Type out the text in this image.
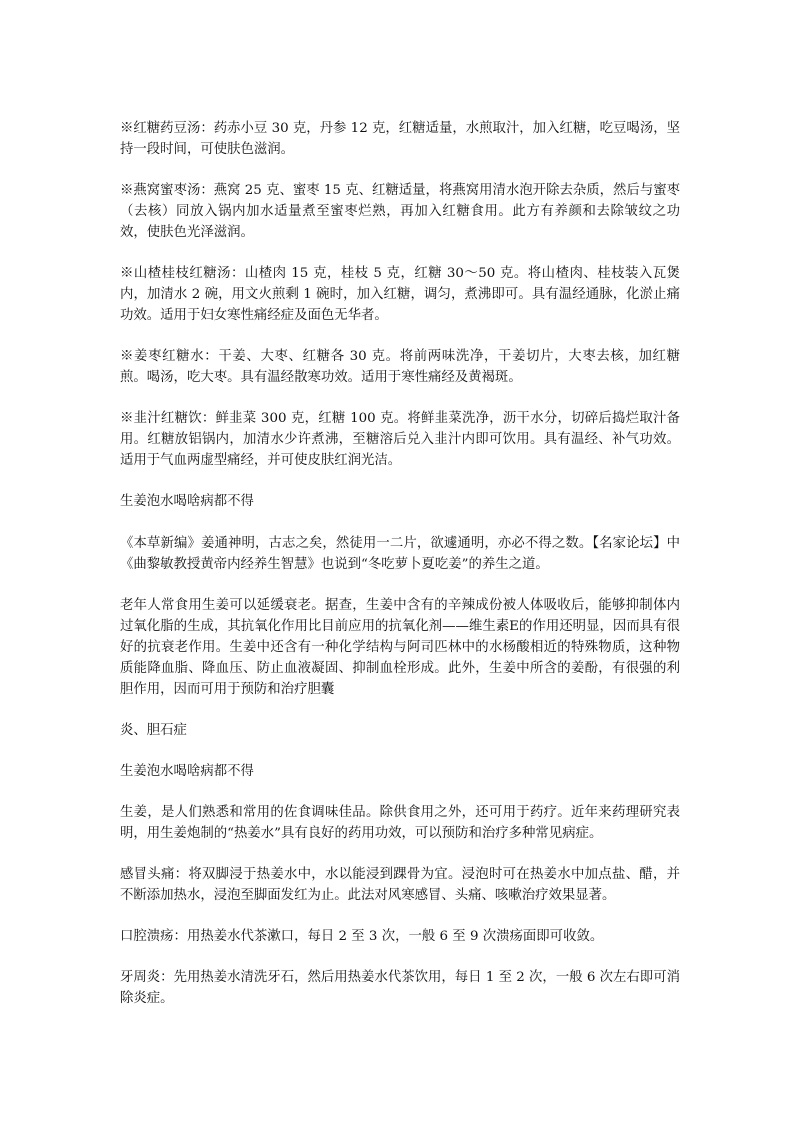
※红糖药豆汤：药赤小豆 30 克，丹参 12 克，红糖适量，水煎取汁，加入红糖，吃豆喝汤，坚持一段时间，可使肤色滋润。

※燕窝蜜枣汤：燕窝 25 克、蜜枣 15 克、红糖适量，将燕窝用清水泡开除去杂质，然后与蜜枣（去核）同放入锅内加水适量煮至蜜枣烂熟，再加入红糖食用。此方有养颜和去除皱纹之功效，使肤色光泽滋润。

※山楂桂枝红糖汤：山楂肉 15 克，桂枝 5 克，红糖 30～50 克。将山楂肉、桂枝装入瓦煲内，加清水 2 碗，用文火煎剩 1 碗时，加入红糖，调匀，煮沸即可。具有温经通脉，化淤止痛功效。适用于妇女寒性痛经症及面色无华者。

※姜枣红糖水：干姜、大枣、红糖各 30 克。将前两味洗净，干姜切片，大枣去核，加红糖煎。喝汤，吃大枣。具有温经散寒功效。适用于寒性痛经及黄褐斑。

※韭汁红糖饮：鲜韭菜 300 克，红糖 100 克。将鲜韭菜洗净，沥干水分，切碎后捣烂取汁备用。红糖放铝锅内，加清水少许煮沸，至糖溶后兑入韭汁内即可饮用。具有温经、补气功效。适用于气血两虚型痛经，并可使皮肤红润光洁。

生姜泡水喝啥病都不得

《本草新编》姜通神明，古志之矣，然徒用一二片，欲遽通明，亦必不得之数。【名家论坛】中《曲黎敏教授黄帝内经养生智慧》也说到“冬吃萝卜夏吃姜”的养生之道。

老年人常食用生姜可以延缓衰老。据查，生姜中含有的辛辣成份被人体吸收后，能够抑制体内过氧化脂的生成，其抗氧化作用比目前应用的抗氧化剂——维生素E的作用还明显，因而具有很好的抗衰老作用。生姜中还含有一种化学结构与阿司匹林中的水杨酸相近的特殊物质，这种物质能降血脂、降血压、防止血液凝固、抑制血栓形成。此外，生姜中所含的姜酚，有很强的利胆作用，因而可用于预防和治疗胆囊

炎、胆石症

生姜泡水喝啥病都不得

生姜，是人们熟悉和常用的佐食调味佳品。除供食用之外，还可用于药疗。近年来药理研究表明，用生姜炮制的“热姜水”具有良好的药用功效，可以预防和治疗多种常见病症。

感冒头痛：将双脚浸于热姜水中，水以能浸到踝骨为宜。浸泡时可在热姜水中加点盐、醋，并不断添加热水，浸泡至脚面发红为止。此法对风寒感冒、头痛、咳嗽治疗效果显著。

口腔溃疡：用热姜水代茶漱口，每日 2 至 3 次，一般 6 至 9 次溃疡面即可收敛。

牙周炎：先用热姜水清洗牙石，然后用热姜水代茶饮用，每日 1 至 2 次，一般 6 次左右即可消除炎症。
